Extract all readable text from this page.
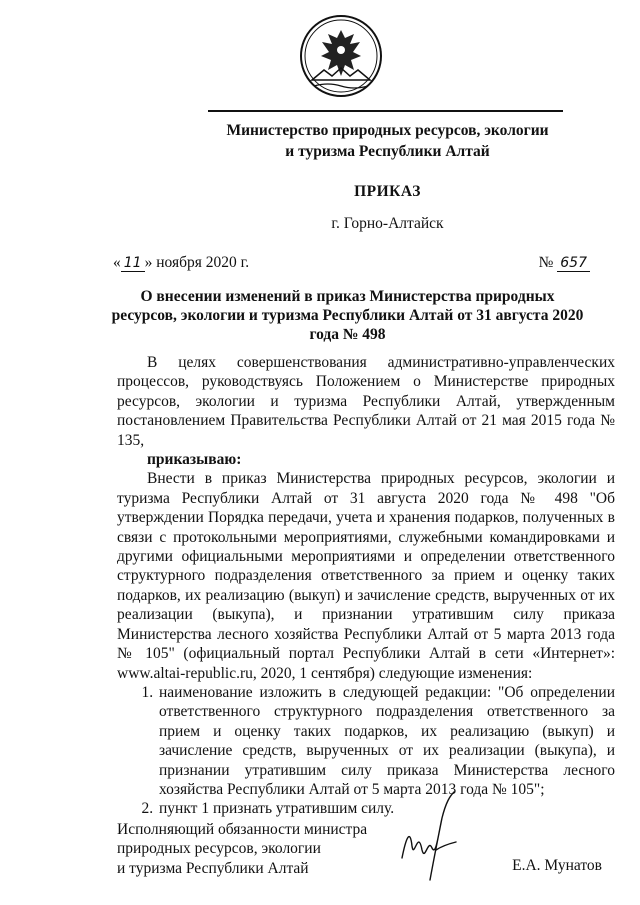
Министерство природных ресурсов, экологии
и туризма Республики Алтай
ПРИКАЗ
г. Горно-Алтайск
« 11 » ноября 2020 г.	№ 657
О внесении изменений в приказ Министерства природных ресурсов, экологии и туризма Республики Алтай от 31 августа 2020 года № 498

В целях совершенствования административно-управленческих процессов, руководствуясь Положением о Министерстве природных ресурсов, экологии и туризма Республики Алтай, утвержденным постановлением Правительства Республики Алтай от 21 мая 2015 года № 135,

приказываю:

Внести в приказ Министерства природных ресурсов, экологии и туризма Республики Алтай от 31 августа 2020 года № 498 "Об утверждении Порядка передачи, учета и хранения подарков, полученных в связи с протокольными мероприятиями, служебными командировками и другими официальными мероприятиями и определении ответственного структурного подразделения ответственного за прием и оценку таких подарков, их реализацию (выкуп) и зачисление средств, вырученных от их реализации (выкупа), и признании утратившим силу приказа Министерства лесного хозяйства Республики Алтай от 5 марта 2013 года № 105" (официальный портал Республики Алтай в сети «Интернет»: www.altai-republic.ru, 2020, 1 сентября) следующие изменения:

1. наименование изложить в следующей редакции: "Об определении ответственного структурного подразделения ответственного за прием и оценку таких подарков, их реализацию (выкуп) и зачисление средств, вырученных от их реализации (выкупа), и признании утратившим силу приказа Министерства лесного хозяйства Республики Алтай от 5 марта 2013 года № 105";
2. пункт 1 признать утратившим силу.
Исполняющий обязанности министра
природных ресурсов, экологии
и туризма Республики Алтай	Е.А. Мунатов
